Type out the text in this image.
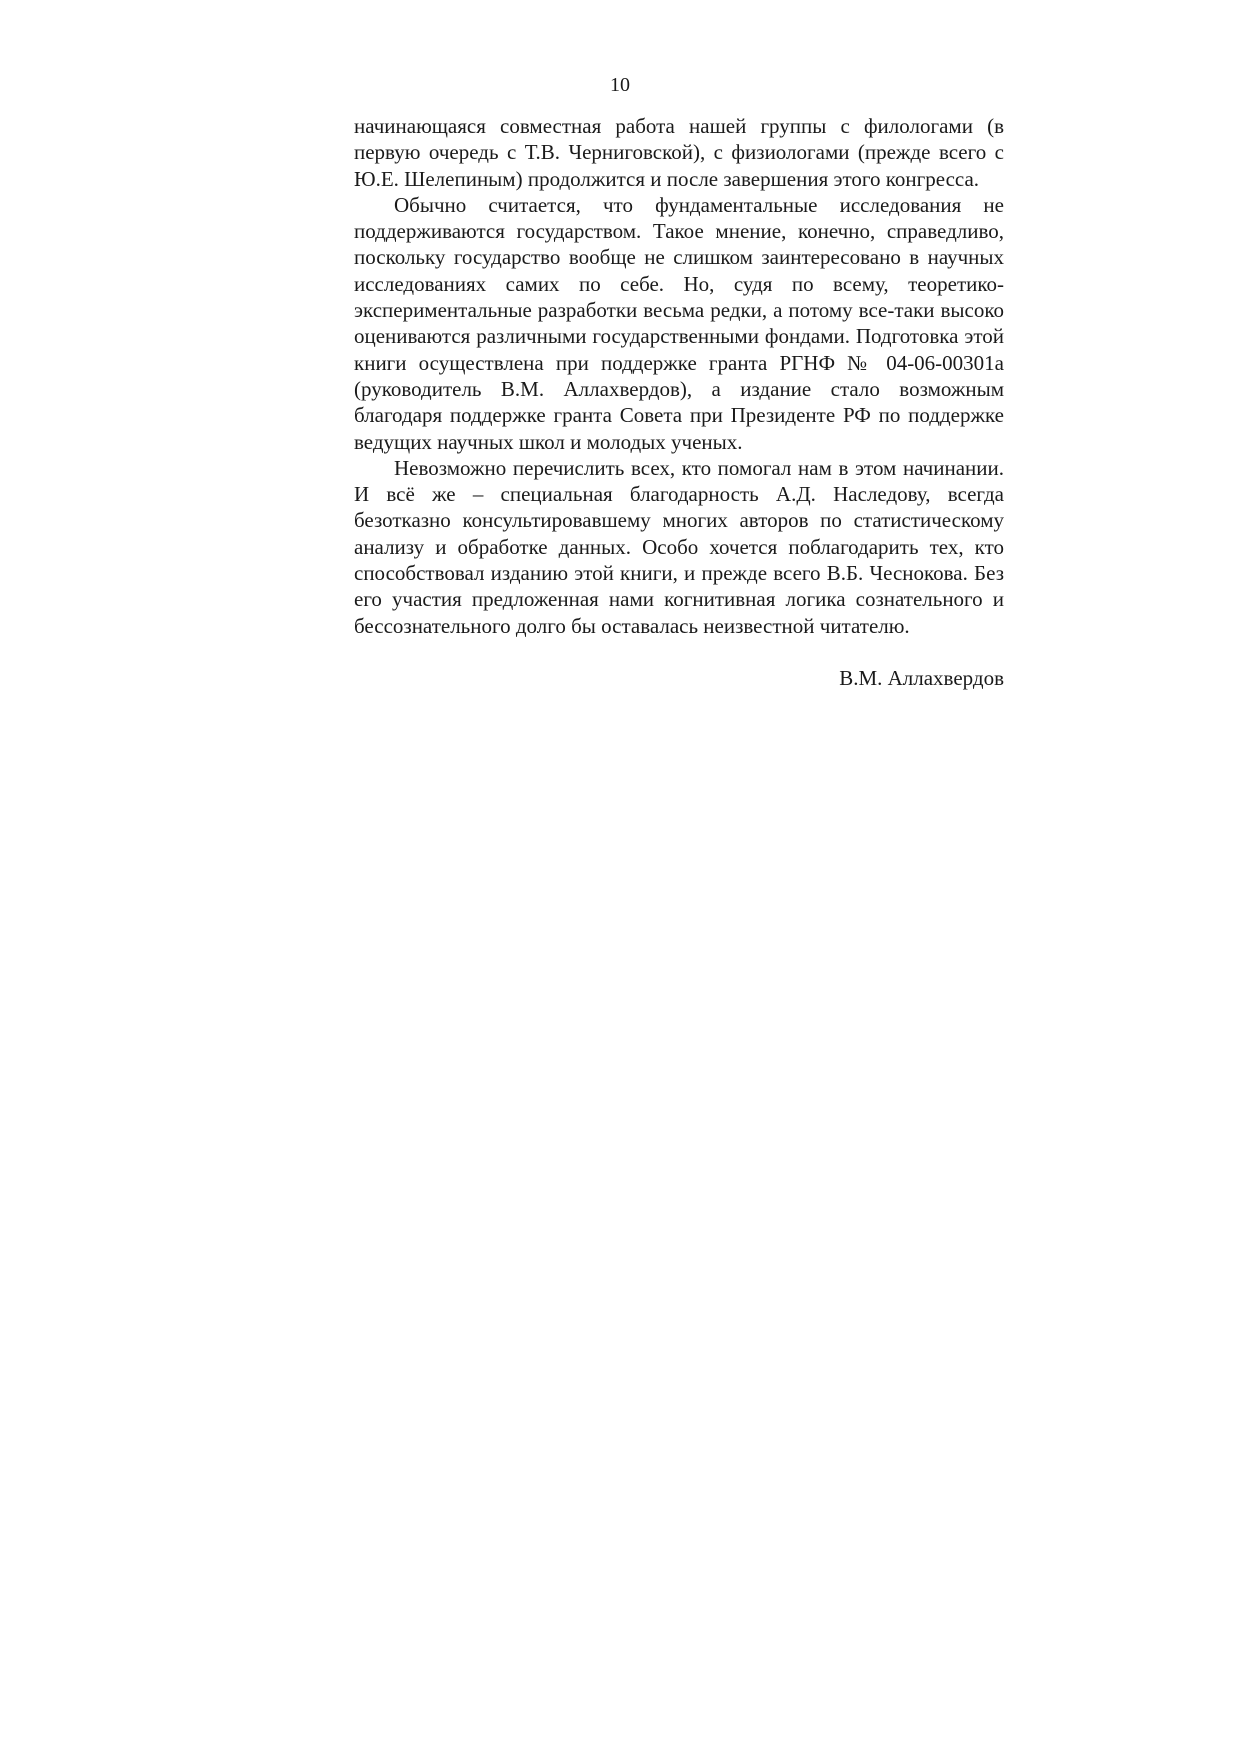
10

начинающаяся совместная работа нашей группы с филологами (в первую очередь с Т.В. Черниговской), с физиологами (прежде всего с Ю.Е. Шелепиным) продолжится и после завершения этого конгресса.

Обычно считается, что фундаментальные исследования не поддерживаются государством. Такое мнение, конечно, справедливо, поскольку государство вообще не слишком заинтересовано в научных исследованиях самих по себе. Но, судя по всему, теоретико-экспериментальные разработки весьма редки, а потому все-таки высоко оцениваются различными государственными фондами. Подготовка этой книги осуществлена при поддержке гранта РГНФ № 04-06-00301а (руководитель В.М. Аллахвердов), а издание стало возможным благодаря поддержке гранта Совета при Президенте РФ по поддержке ведущих научных школ и молодых ученых.

Невозможно перечислить всех, кто помогал нам в этом начинании. И всё же – специальная благодарность А.Д. Наследову, всегда безотказно консультировавшему многих авторов по статистическому анализу и обработке данных. Особо хочется поблагодарить тех, кто способствовал изданию этой книги, и прежде всего В.Б. Чеснокова. Без его участия предложенная нами когнитивная логика сознательного и бессознательного долго бы оставалась неизвестной читателю.

В.М. Аллахвердов
